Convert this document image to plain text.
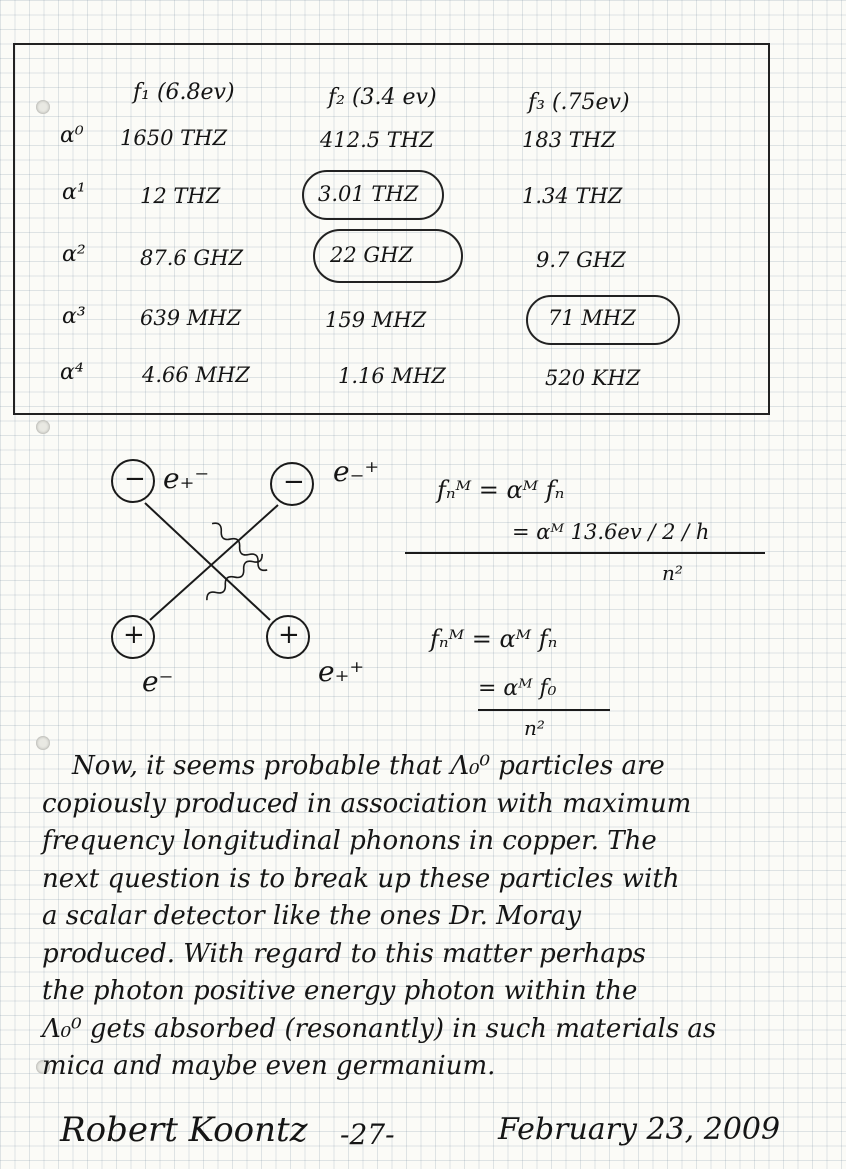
f₁ (6.8ev)	f₂ (3.4 ev)	f₃ (.75ev)
α⁰ 1650 THZ	412.5 THZ	183 THZ
α¹	12 THZ	3.01 THZ	1.34 THZ
α²	87.6 GHZ	22 GHZ	9.7 GHZ
α³	639 MHZ	159 MHZ	71 MHZ
α⁴	4.66 MHZ	1.16 MHZ	520 KHZ
−	−
+	+
e₊⁻	e₋⁺
e⁻	e₊⁺
fₙᴹ = αᴹ fₙ
= αᴹ 13.6ev / 2 / h
n²
fₙᴹ = αᴹ fₙ
= αᴹ f₀
n²
Now, it seems probable that Λ₀⁰ particles are
copiously produced in association with maximum
frequency longitudinal phonons in copper. The
next question is to break up these particles with
a scalar detector like the ones Dr. Moray
produced. With regard to this matter perhaps
the photon positive energy photon within the
Λ₀⁰ gets absorbed (resonantly) in such materials as
mica and maybe even germanium.
Robert Koontz -27-	February 23, 2009
